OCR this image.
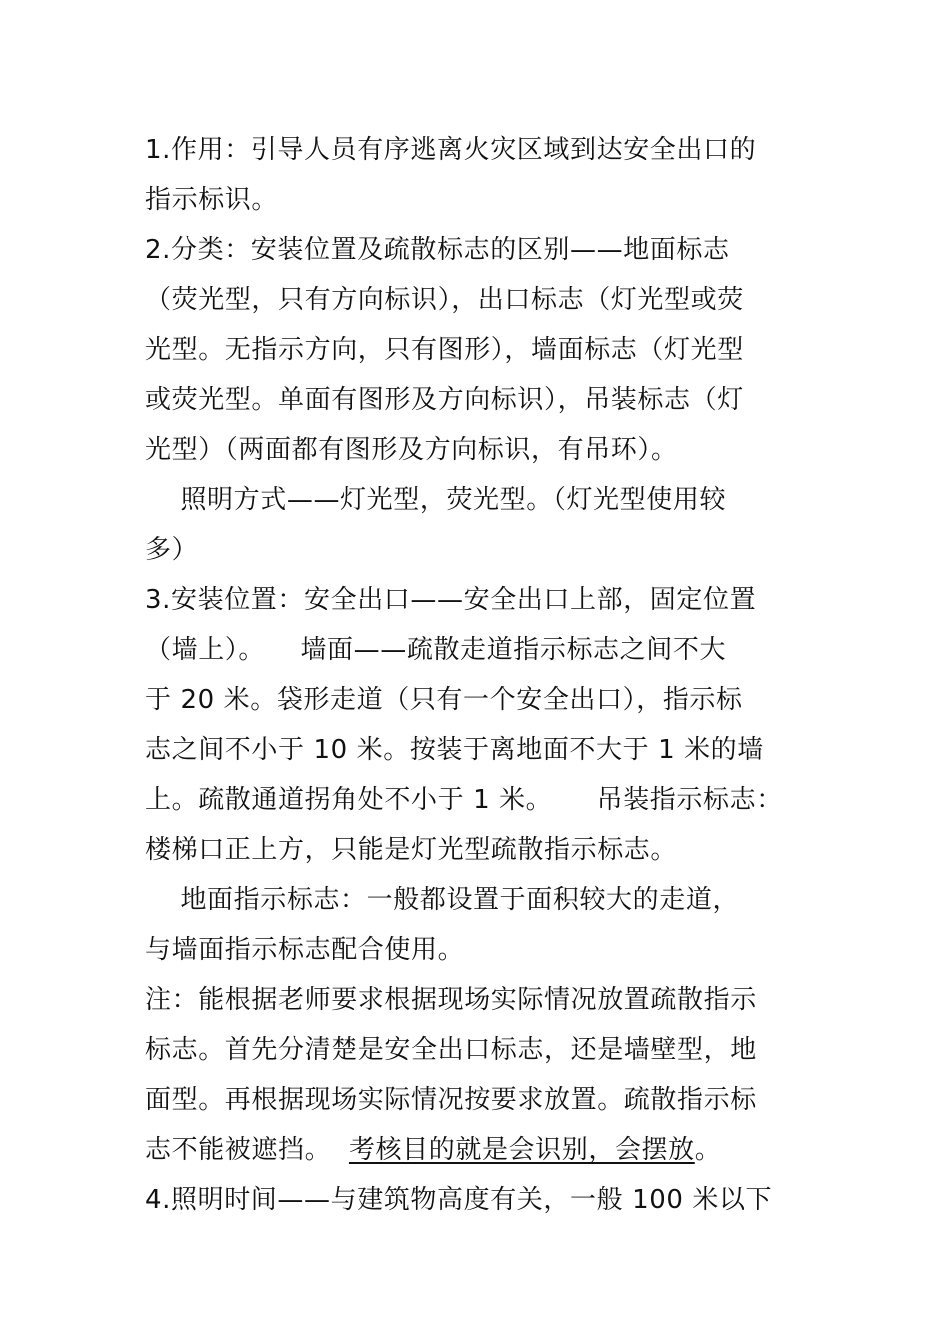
1.作用：引导人员有序逃离火灾区域到达安全出口的
指示标识。
2.分类：安装位置及疏散标志的区别——地面标志
（荧光型，只有方向标识），出口标志（灯光型或荧
光型。无指示方向，只有图形），墙面标志（灯光型
或荧光型。单面有图形及方向标识），吊装标志（灯
光型）（两面都有图形及方向标识，有吊环）。
照明方式——灯光型，荧光型。（灯光型使用较
多）
3.安装位置：安全出口——安全出口上部，固定位置
（墙上）。    墙面——疏散走道指示标志之间不大
于 20 米。袋形走道（只有一个安全出口），指示标
志之间不小于 10 米。按装于离地面不大于 1 米的墙
上。疏散通道拐角处不小于 1 米。     吊装指示标志：
楼梯口正上方，只能是灯光型疏散指示标志。
地面指示标志：一般都设置于面积较大的走道，
与墙面指示标志配合使用。
注：能根据老师要求根据现场实际情况放置疏散指示
标志。首先分清楚是安全出口标志，还是墙壁型，地
面型。再根据现场实际情况按要求放置。疏散指示标
志不能被遮挡。  考核目的就是会识别，会摆放。
4.照明时间——与建筑物高度有关，一般 100 米以下
